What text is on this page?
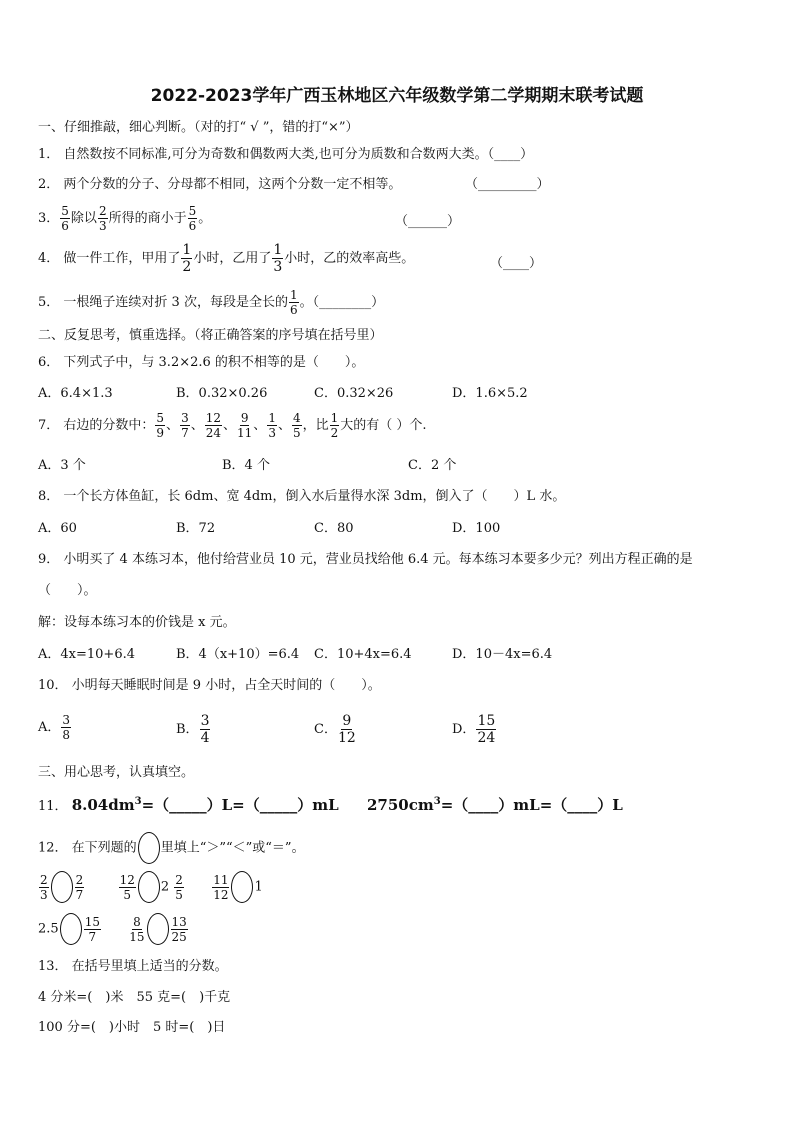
2022-2023学年广西玉林地区六年级数学第二学期期末联考试题
一、仔细推敲，细心判断。（对的打“ √ ”，错的打“×”）
1． 自然数按不同标准,可分为奇数和偶数两大类,也可分为质数和合数两大类。（____）
2． 两个分数的分子、分母都不相同，这两个分数一定不相等。	（_________）
3． $\frac{5}{6}$ 除以 $\frac{2}{3}$ 所得的商小于 $\frac{5}{6}$ 。	（______）
4． 做一件工作，甲用了 $\frac{1}{2}$ 小时，乙用了 $\frac{1}{3}$ 小时，乙的效率高些。	（____）
5． 一根绳子连续对折 3 次，每段是全长的 $\frac{1}{6}$ 。（________）
二、反复思考，慎重选择。（将正确答案的序号填在括号里）
6． 下列式子中，与 3.2×2.6 的积不相等的是（　　）。
A．6.4×1.3	B．0.32×0.26	C．0.32×26	D．1.6×5.2
7． 右边的分数中： $\frac{5}{9}$ 、 $\frac{3}{7}$ 、 $\frac{12}{24}$ 、 $\frac{9}{11}$ 、 $\frac{1}{3}$ 、 $\frac{4}{5}$ ，比 $\frac{1}{2}$ 大的有（ ）个.
A．3 个	B．4 个	C．2 个
8． 一个长方体鱼缸，长 6dm、宽 4dm，倒入水后量得水深 3dm，倒入了（　　）L 水。
A．60	B．72	C．80	D．100
9． 小明买了 4 本练习本，他付给营业员 10 元，营业员找给他 6.4 元。每本练习本要多少元？列出方程正确的是
（　　）。
解：设每本练习本的价钱是 x 元。
A．4x=10+6.4	B．4（x+10）=6.4 C．10+4x=6.4	D．10－4x=6.4
10． 小明每天睡眠时间是 9 小时，占全天时间的（　　）。
A． $\frac{3}{8}$	B． $\frac{3}{4}$	C． $\frac{9}{12}$	D． $\frac{15}{24}$
三、用心思考，认真填空。
11． $8.04dm^3=(\_\_\_\_\_)L=(\_\_\_\_\_)mL$ $2750cm^3=(\_\_\_\_)mL=(\_\_\_\_)L$
12． 在下列题的 里填上“＞”“＜”或“＝”。
$\frac{2}{3} \frac{2}{7}$
	$\frac{12}{5} 2 \frac{2}{5}$
$\frac{11}{12} 1$
$2.5 \frac{15}{7}$
$\frac{8}{15} \frac{13}{25}$
13． 在括号里填上适当的分数。
4 分米=(　)米　55 克=(　)千克
100 分=(　)小时　5 时=(　)日
